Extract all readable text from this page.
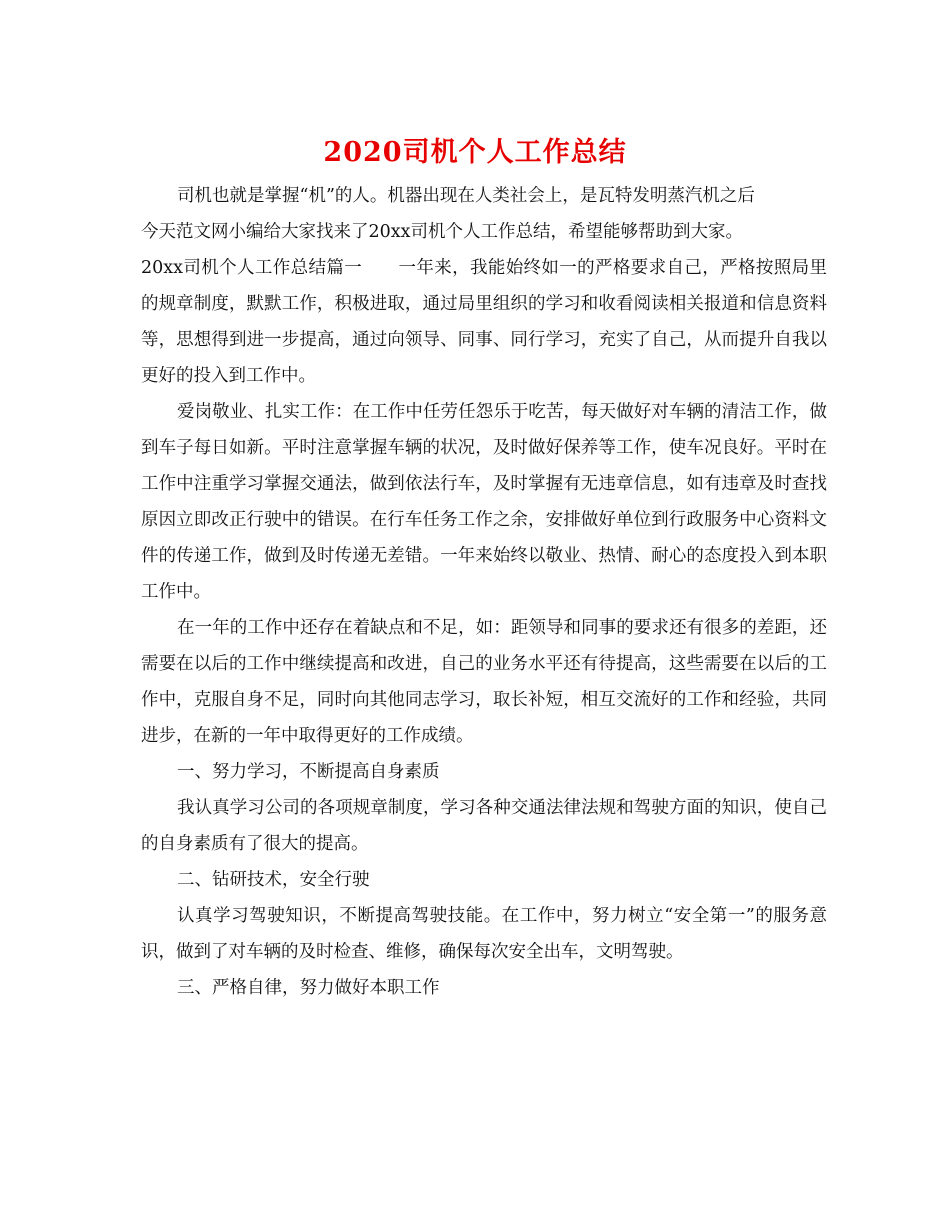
2020司机个人工作总结

司机也就是掌握“机”的人。机器出现在人类社会上，是瓦特发明蒸汽机之后

今天范文网小编给大家找来了20xx司机个人工作总结，希望能够帮助到大家。

20xx司机个人工作总结篇一 一年来，我能始终如一的严格要求自己，严格按照局里的规章制度，默默工作，积极进取，通过局里组织的学习和收看阅读相关报道和信息资料等，思想得到进一步提高，通过向领导、同事、同行学习，充实了自己，从而提升自我以更好的投入到工作中。

爱岗敬业、扎实工作：在工作中任劳任怨乐于吃苦，每天做好对车辆的清洁工作，做到车子每日如新。平时注意掌握车辆的状况，及时做好保养等工作，使车况良好。平时在工作中注重学习掌握交通法，做到依法行车，及时掌握有无违章信息，如有违章及时查找原因立即改正行驶中的错误。在行车任务工作之余，安排做好单位到行政服务中心资料文件的传递工作，做到及时传递无差错。一年来始终以敬业、热情、耐心的态度投入到本职工作中。

在一年的工作中还存在着缺点和不足，如：距领导和同事的要求还有很多的差距，还需要在以后的工作中继续提高和改进，自己的业务水平还有待提高，这些需要在以后的工作中，克服自身不足，同时向其他同志学习，取长补短，相互交流好的工作和经验，共同进步，在新的一年中取得更好的工作成绩。

一、努力学习，不断提高自身素质

我认真学习公司的各项规章制度，学习各种交通法律法规和驾驶方面的知识，使自己的自身素质有了很大的提高。

二、钻研技术，安全行驶

认真学习驾驶知识，不断提高驾驶技能。在工作中，努力树立“安全第一”的服务意识，做到了对车辆的及时检查、维修，确保每次安全出车，文明驾驶。

三、严格自律，努力做好本职工作
